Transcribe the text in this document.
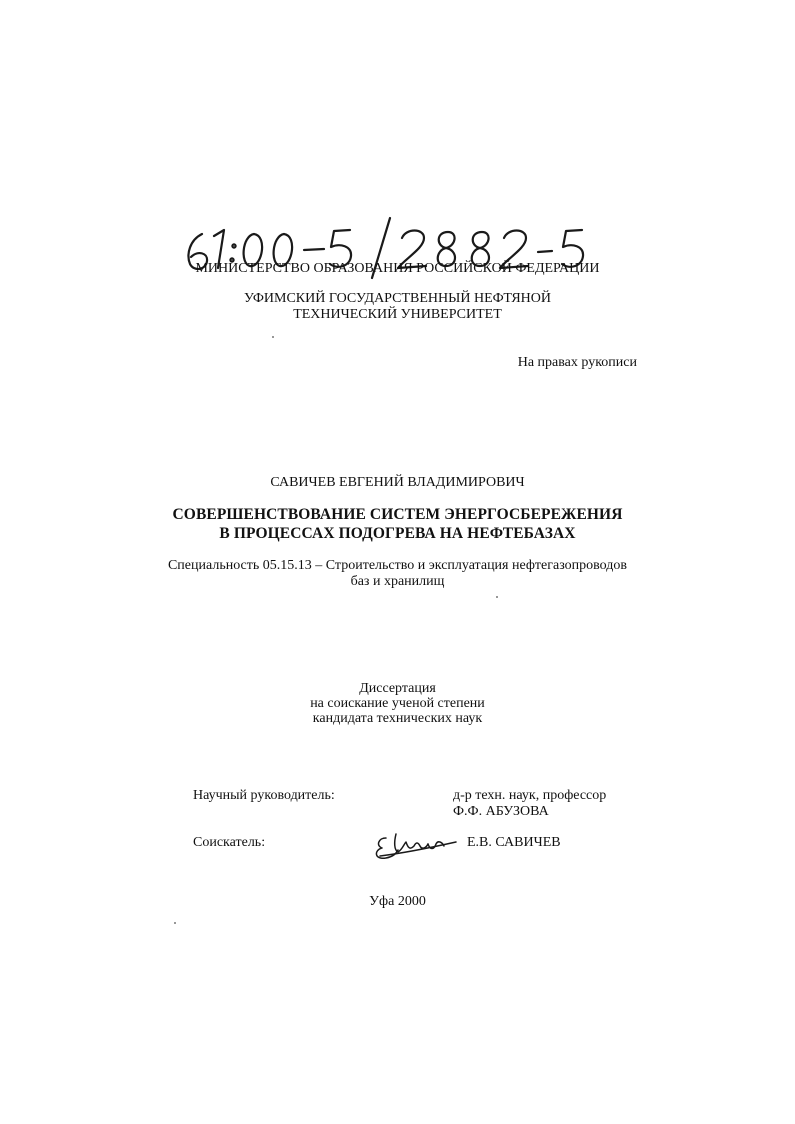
МИНИСТЕРСТВО ОБРАЗОВАНИЯ РОССИЙСКОЙ ФЕДЕРАЦИИ
УФИМСКИЙ ГОСУДАРСТВЕННЫЙ НЕФТЯНОЙ
ТЕХНИЧЕСКИЙ УНИВЕРСИТЕТ
На правах рукописи
САВИЧЕВ ЕВГЕНИЙ ВЛАДИМИРОВИЧ
СОВЕРШЕНСТВОВАНИЕ СИСТЕМ ЭНЕРГОСБЕРЕЖЕНИЯ
В ПРОЦЕССАХ ПОДОГРЕВА НА НЕФТЕБАЗАХ
Специальность 05.15.13 – Строительство и эксплуатация нефтегазопроводов
баз и хранилищ
Диссертация
на соискание ученой степени
кандидата технических наук
Научный руководитель:	д-р техн. наук, профессор
Ф.Ф. АБУЗОВА
Соискатель:	Е.В. САВИЧЕВ
Уфа 2000
